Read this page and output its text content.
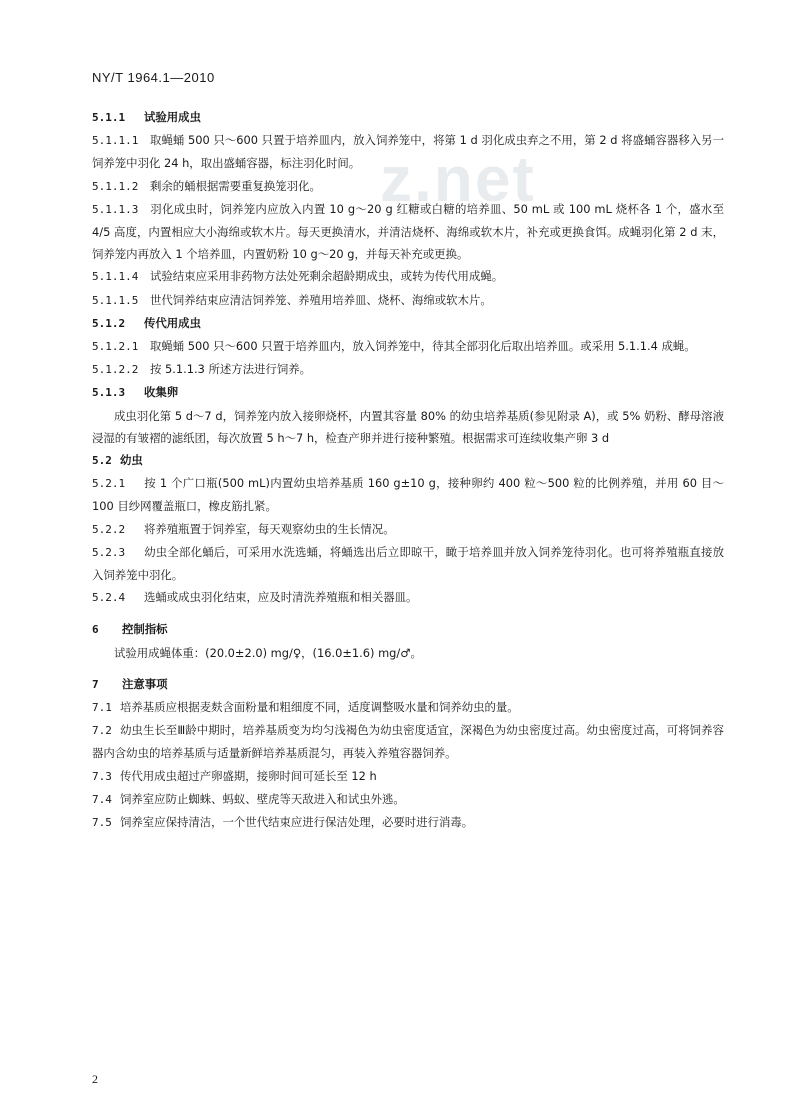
z.net
NY/T 1964.1—2010

5.1.1 试验用成虫

5.1.1.1 取蝇蛹 500 只～600 只置于培养皿内，放入饲养笼中，将第 1 d 羽化成虫弃之不用，第 2 d 将盛蛹容器移入另一饲养笼中羽化 24 h，取出盛蛹容器，标注羽化时间。

5.1.1.2 剩余的蛹根据需要重复换笼羽化。

5.1.1.3 羽化成虫时，饲养笼内应放入内置 10 g～20 g 红糖或白糖的培养皿、50 mL 或 100 mL 烧杯各 1 个，盛水至 4/5 高度，内置相应大小海绵或软木片。每天更换清水，并清洁烧杯、海绵或软木片，补充或更换食饵。成蝇羽化第 2 d 末，饲养笼内再放入 1 个培养皿，内置奶粉 10 g～20 g，并每天补充或更换。

5.1.1.4 试验结束应采用非药物方法处死剩余超龄期成虫，或转为传代用成蝇。

5.1.1.5 世代饲养结束应清洁饲养笼、养殖用培养皿、烧杯、海绵或软木片。

5.1.2 传代用成虫

5.1.2.1 取蝇蛹 500 只～600 只置于培养皿内，放入饲养笼中，待其全部羽化后取出培养皿。或采用 5.1.1.4 成蝇。

5.1.2.2 按 5.1.1.3 所述方法进行饲养。

5.1.3 收集卵

成虫羽化第 5 d～7 d，饲养笼内放入接卵烧杯，内置其容量 80% 的幼虫培养基质(参见附录 A)，或 5% 奶粉、酵母溶液浸湿的有皱褶的滤纸团，每次放置 5 h～7 h，检查产卵并进行接种繁殖。根据需求可连续收集产卵 3 d

5.2 幼虫

5.2.1 按 1 个广口瓶(500 mL)内置幼虫培养基质 160 g±10 g，接种卵约 400 粒～500 粒的比例养殖，并用 60 目～100 目纱网覆盖瓶口，橡皮筋扎紧。

5.2.2 将养殖瓶置于饲养室，每天观察幼虫的生长情况。

5.2.3 幼虫全部化蛹后，可采用水洗选蛹，将蛹选出后立即晾干，瞰于培养皿并放入饲养笼待羽化。也可将养殖瓶直接放入饲养笼中羽化。

5.2.4 选蛹或成虫羽化结束，应及时清洗养殖瓶和相关器皿。

6 控制指标

试验用成蝇体重：(20.0±2.0) mg/♀，(16.0±1.6) mg/♂。

7 注意事项

7.1 培养基质应根据麦麸含面粉量和粗细度不同，适度调整吸水量和饲养幼虫的量。

7.2 幼虫生长至Ⅲ龄中期时，培养基质变为均匀浅褐色为幼虫密度适宜，深褐色为幼虫密度过高。幼虫密度过高，可将饲养容器内含幼虫的培养基质与适量新鲜培养基质混匀，再装入养殖容器饲养。

7.3 传代用成虫超过产卵盛期，接卵时间可延长至 12 h

7.4 饲养室应防止蜘蛛、蚂蚁、壁虎等天敌进入和试虫外逃。

7.5 饲养室应保持清洁，一个世代结束应进行保洁处理，必要时进行消毒。

2
